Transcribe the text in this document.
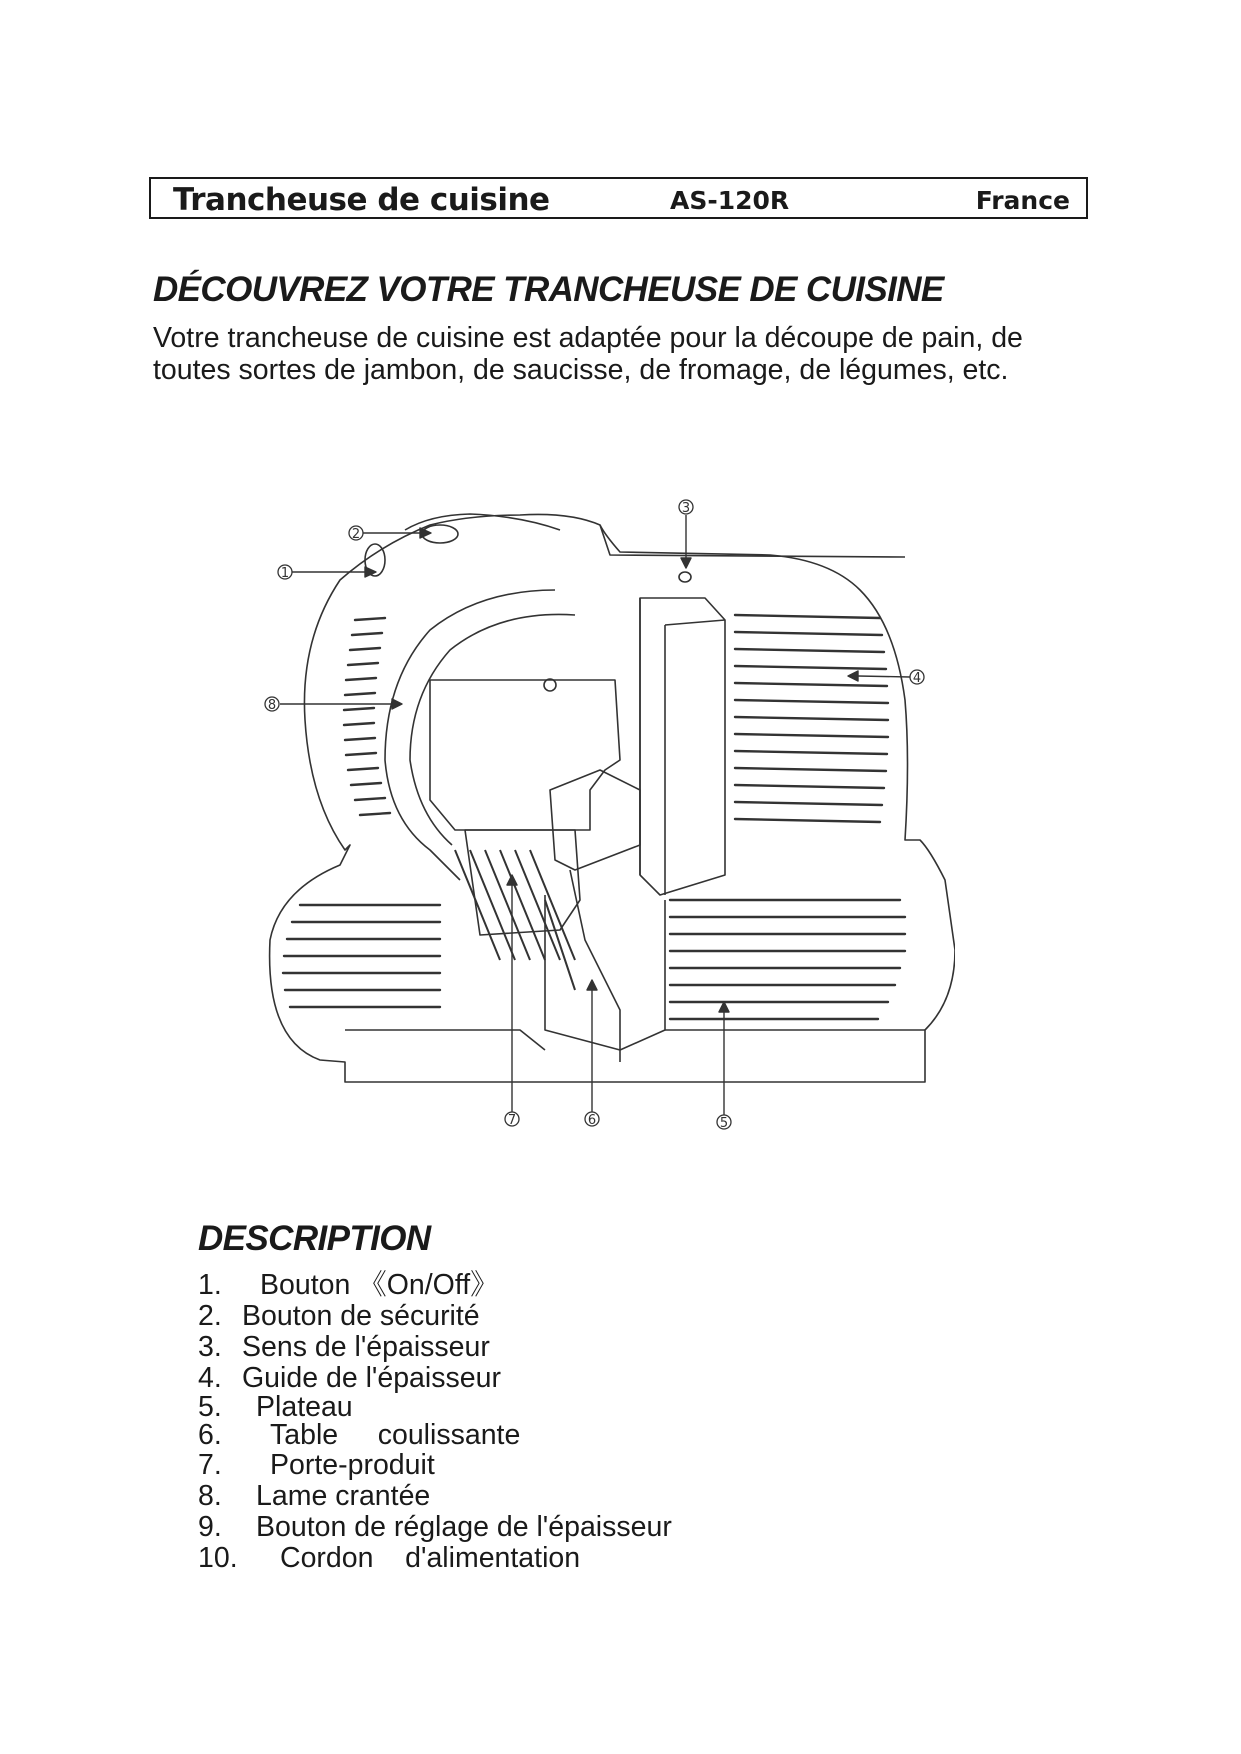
Trancheuse de cuisine	AS-120R	France
DÉCOUVREZ VOTRE TRANCHEUSE DE CUISINE

Votre trancheuse de cuisine est adaptée pour la découpe de pain, de toutes sortes de jambon, de saucisse, de fromage, de légumes, etc.

1
2
3
4
5
6
7
8
DESCRIPTION
1.	Bouton 《On/Off》
2. Bouton de sécurité
3. Sens de l'épaisseur
4. Guide de l'épaisseur
5.	Plateau
6.	Table     coulissante
7.	Porte-produit
8.	Lame crantée
9.	Bouton de réglage de l'épaisseur
10.	Cordon    d'alimentation
